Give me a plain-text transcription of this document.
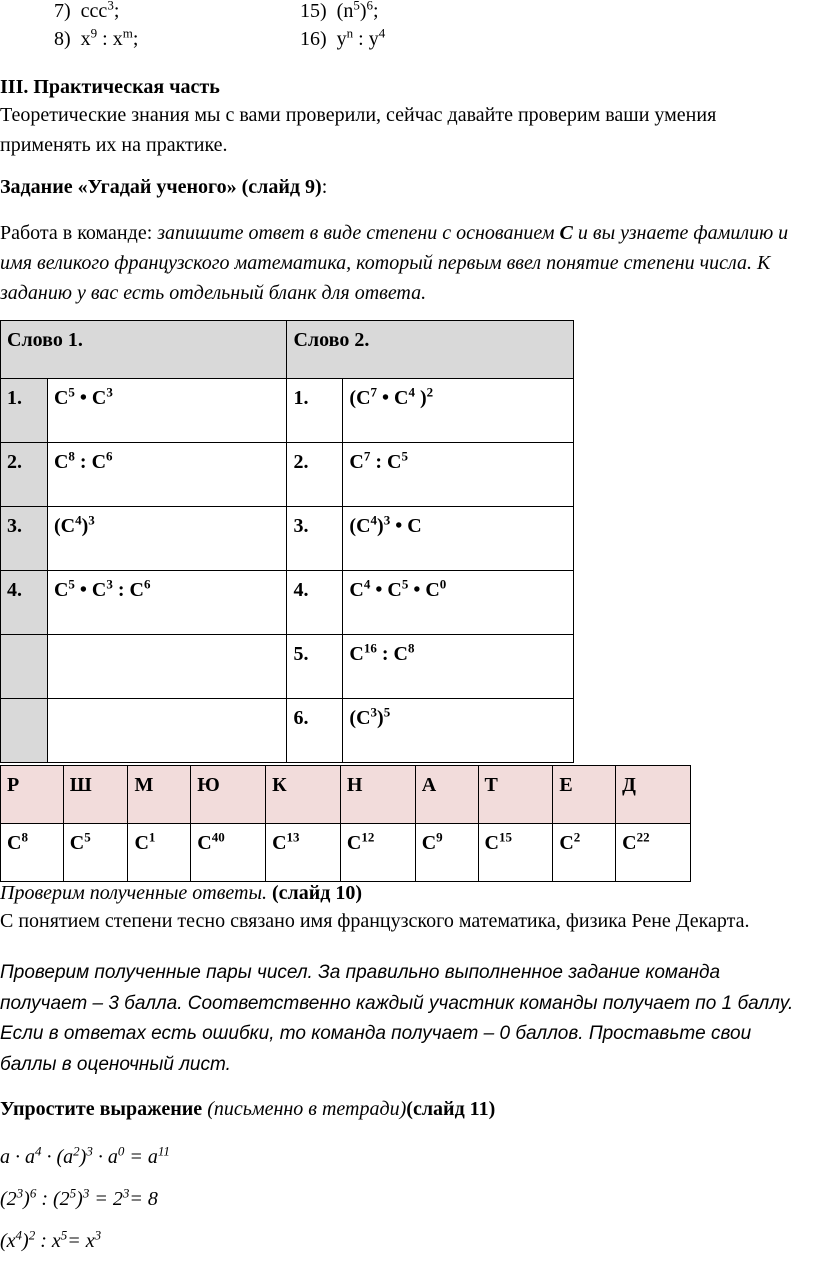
7) ccc$^3$;
8) $x^9$ : $x^m$;
15) $(n^5)^6$;
16) $y^n$ : $y^4$
III. Практическая часть
Теоретические знания мы с вами проверили, сейчас давайте проверим ваши умения применять их на практике.
Задание «Угадай ученого» (слайд 9):
Работа в команде: запишите ответ в виде степени с основанием С и вы узнаете фамилию и имя великого французского математика, который первым ввел понятие степени числа. К заданию у вас есть отдельный бланк для ответа.
Слово 1.		Слово 2.	
1.	$С^5$ • $С^3$	1.	($С^7$ • $С^4$ )$^2$
2.	$С^8$ : $С^6$	2.	$С^7$ : $С^5$
3.	$(С^4)^3$	3.	$(С^4)^3$ • С
4.	$С^5$ • $С^3$ : $С^6$	4.	$С^4$ • $С^5$ • $С^0$
		5.	$С^{16}$ : $С^8$
		6.	$(С^3)^5$
Р	Ш	М	Ю	К	Н	А	Т	Е	Д
$С^8$	$С^5$	$С^1$	$С^{40}$	$С^{13}$	$С^{12}$	$С^9$	$С^{15}$	$С^2$	$С^{22}$
Проверим полученные ответы. (слайд 10)
С понятием степени тесно связано имя французского математика, физика Рене Декарта.
Проверим полученные пары чисел. За правильно выполненное задание команда получает – 3 балла. Соответственно каждый участник команды получает по 1 баллу. Если в ответах есть ошибки, то команда получает – 0 баллов. Проставьте свои баллы в оценочный лист.
Упростите выражение (письменно в тетради)(слайд 11)
$a \cdot a^4 \cdot (a^2)^3 \cdot a^0 = a^{11}$
$(2^3)^6$ : $(2^5)^3 = 2^3= 8$
$(x^4)^2$ : $x^5= x^3$
